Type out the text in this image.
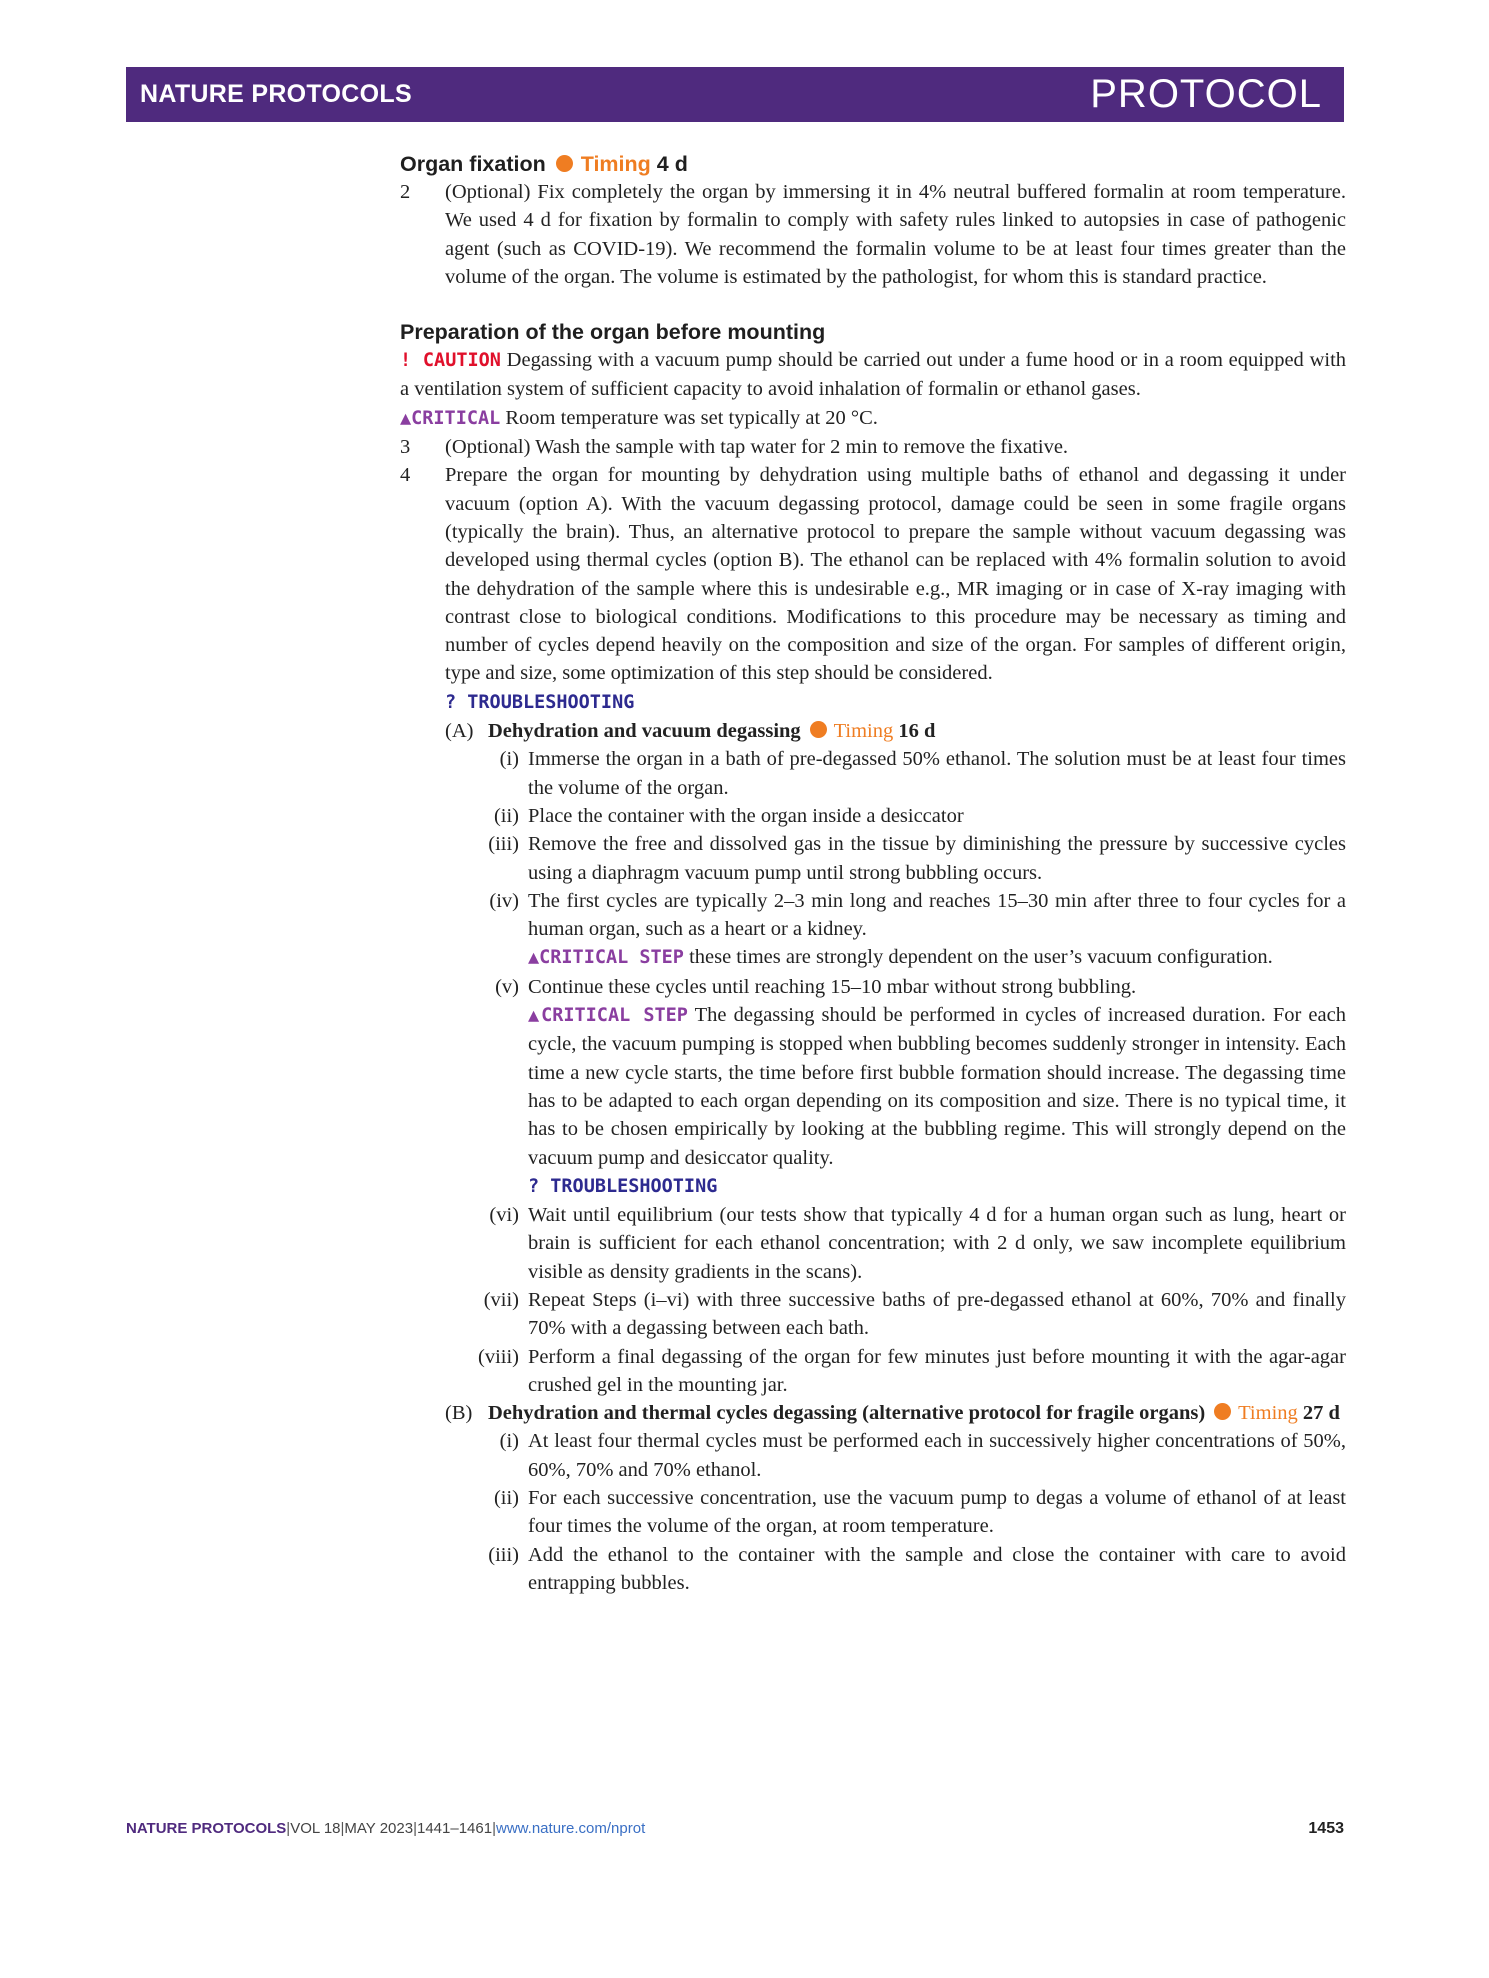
NATURE PROTOCOLS	PROTOCOL
Organ fixation Timing 4 d
2 (Optional) Fix completely the organ by immersing it in 4% neutral buffered formalin at room temperature. We used 4 d for fixation by formalin to comply with safety rules linked to autopsies in case of pathogenic agent (such as COVID-19). We recommend the formalin volume to be at least four times greater than the volume of the organ. The volume is estimated by the pathologist, for whom this is standard practice.
Preparation of the organ before mounting
! CAUTION Degassing with a vacuum pump should be carried out under a fume hood or in a room equipped with a ventilation system of sufficient capacity to avoid inhalation of formalin or ethanol gases.
▲CRITICAL Room temperature was set typically at 20 °C.
3 (Optional) Wash the sample with tap water for 2 min to remove the fixative.
4 Prepare the organ for mounting by dehydration using multiple baths of ethanol and degassing it under vacuum (option A). With the vacuum degassing protocol, damage could be seen in some fragile organs (typically the brain). Thus, an alternative protocol to prepare the sample without vacuum degassing was developed using thermal cycles (option B). The ethanol can be replaced with 4% formalin solution to avoid the dehydration of the sample where this is undesirable e.g., MR imaging or in case of X-ray imaging with contrast close to biological conditions. Modifications to this procedure may be necessary as timing and number of cycles depend heavily on the composition and size of the organ. For samples of different origin, type and size, some optimization of this step should be considered.
? TROUBLESHOOTING
(A) Dehydration and vacuum degassing Timing 16 d
(i) Immerse the organ in a bath of pre-degassed 50% ethanol. The solution must be at least four times the volume of the organ.
(ii) Place the container with the organ inside a desiccator
(iii) Remove the free and dissolved gas in the tissue by diminishing the pressure by successive cycles using a diaphragm vacuum pump until strong bubbling occurs.
(iv) The first cycles are typically 2–3 min long and reaches 15–30 min after three to four cycles for a human organ, such as a heart or a kidney.
▲CRITICAL STEP these times are strongly dependent on the user’s vacuum configuration.
(v) Continue these cycles until reaching 15–10 mbar without strong bubbling.
▲CRITICAL STEP The degassing should be performed in cycles of increased duration. For each cycle, the vacuum pumping is stopped when bubbling becomes suddenly stronger in intensity. Each time a new cycle starts, the time before first bubble formation should increase. The degassing time has to be adapted to each organ depending on its composition and size. There is no typical time, it has to be chosen empirically by looking at the bubbling regime. This will strongly depend on the vacuum pump and desiccator quality.
? TROUBLESHOOTING
(vi) Wait until equilibrium (our tests show that typically 4 d for a human organ such as lung, heart or brain is sufficient for each ethanol concentration; with 2 d only, we saw incomplete equilibrium visible as density gradients in the scans).
(vii) Repeat Steps (i–vi) with three successive baths of pre-degassed ethanol at 60%, 70% and finally 70% with a degassing between each bath.
(viii) Perform a final degassing of the organ for few minutes just before mounting it with the agar-agar crushed gel in the mounting jar.
(B) Dehydration and thermal cycles degassing (alternative protocol for fragile organs) Timing 27 d
(i) At least four thermal cycles must be performed each in successively higher concentrations of 50%, 60%, 70% and 70% ethanol.
(ii) For each successive concentration, use the vacuum pump to degas a volume of ethanol of at least four times the volume of the organ, at room temperature.
(iii) Add the ethanol to the container with the sample and close the container with care to avoid entrapping bubbles.
NATURE PROTOCOLS|VOL 18|MAY 2023|1441–1461|www.nature.com/nprot	1453
